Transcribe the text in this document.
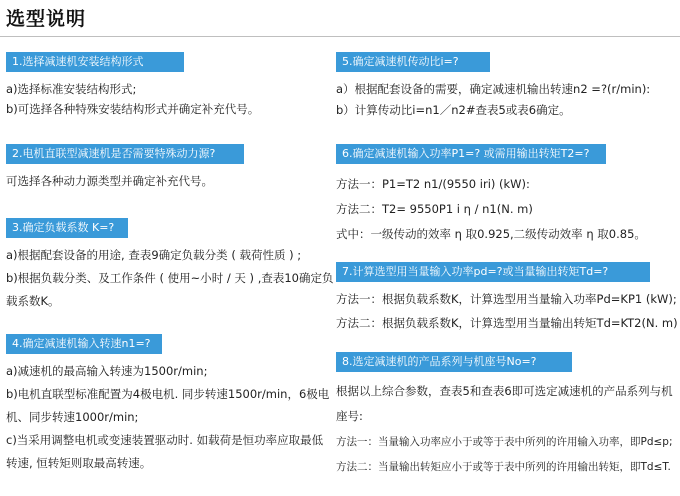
选型说明
1.选择减速机安装结构形式
a)选择标准安装结构形式;
b)可选择各种特殊安装结构形式并确定补充代号。
2.电机直联型减速机是否需要特殊动力源?
可选择各种动力源类型并确定补充代号。
3.确定负载系数 K=?
a)根据配套设备的用途, 查表9确定负载分类 ( 载荷性质 ) ;
b)根据负载分类、及工作条件 ( 使用~小时 / 天 ) ,查表10确定负
载系数K。
4.确定减速机输入转速n1=?
a)减速机的最高输入转速为1500r/min;
b)电机直联型标准配置为4极电机. 同步转速1500r/min，6极电
机、同步转速1000r/min;
c)当采用调整电机或变速装置驱动时. 如载荷是恒功率应取最低
转速, 恒转矩则取最高转速。
5.确定减速机传动比i=?
a）根据配套设备的需要，确定减速机输出转速n2 =?(r/min):
b）计算传动比i=n1／n2#查表5或表6确定。
6.确定减速机输入功率P1=? 或需用输出转矩T2=?
方法一：P1=T2 n1/(9550 iri) (kW):
方法二：T2= 9550P1 i η / n1(N. m)
式中：一级传动的效率 η 取0.925,二级传动效率 η 取0.85。
7.计算选型用当量输入功率pd=?或当量输出转矩Td=?
方法一：根据负载系数K，计算选型用当量输入功率Pd=KP1 (kW);
方法二：根据负载系数K，计算选型用当量输出转矩Td=KT2(N. m)
8.选定减速机的产品系列与机座号No=?
根据以上综合参数，查表5和查表6即可选定减速机的产品系列与机
座号:
方法一：当量输入功率应小于或等于表中所列的许用输入功率，即Pd≤p;
方法二：当量输出转矩应小于或等于表中所列的许用输出转矩，即Td≤T.
